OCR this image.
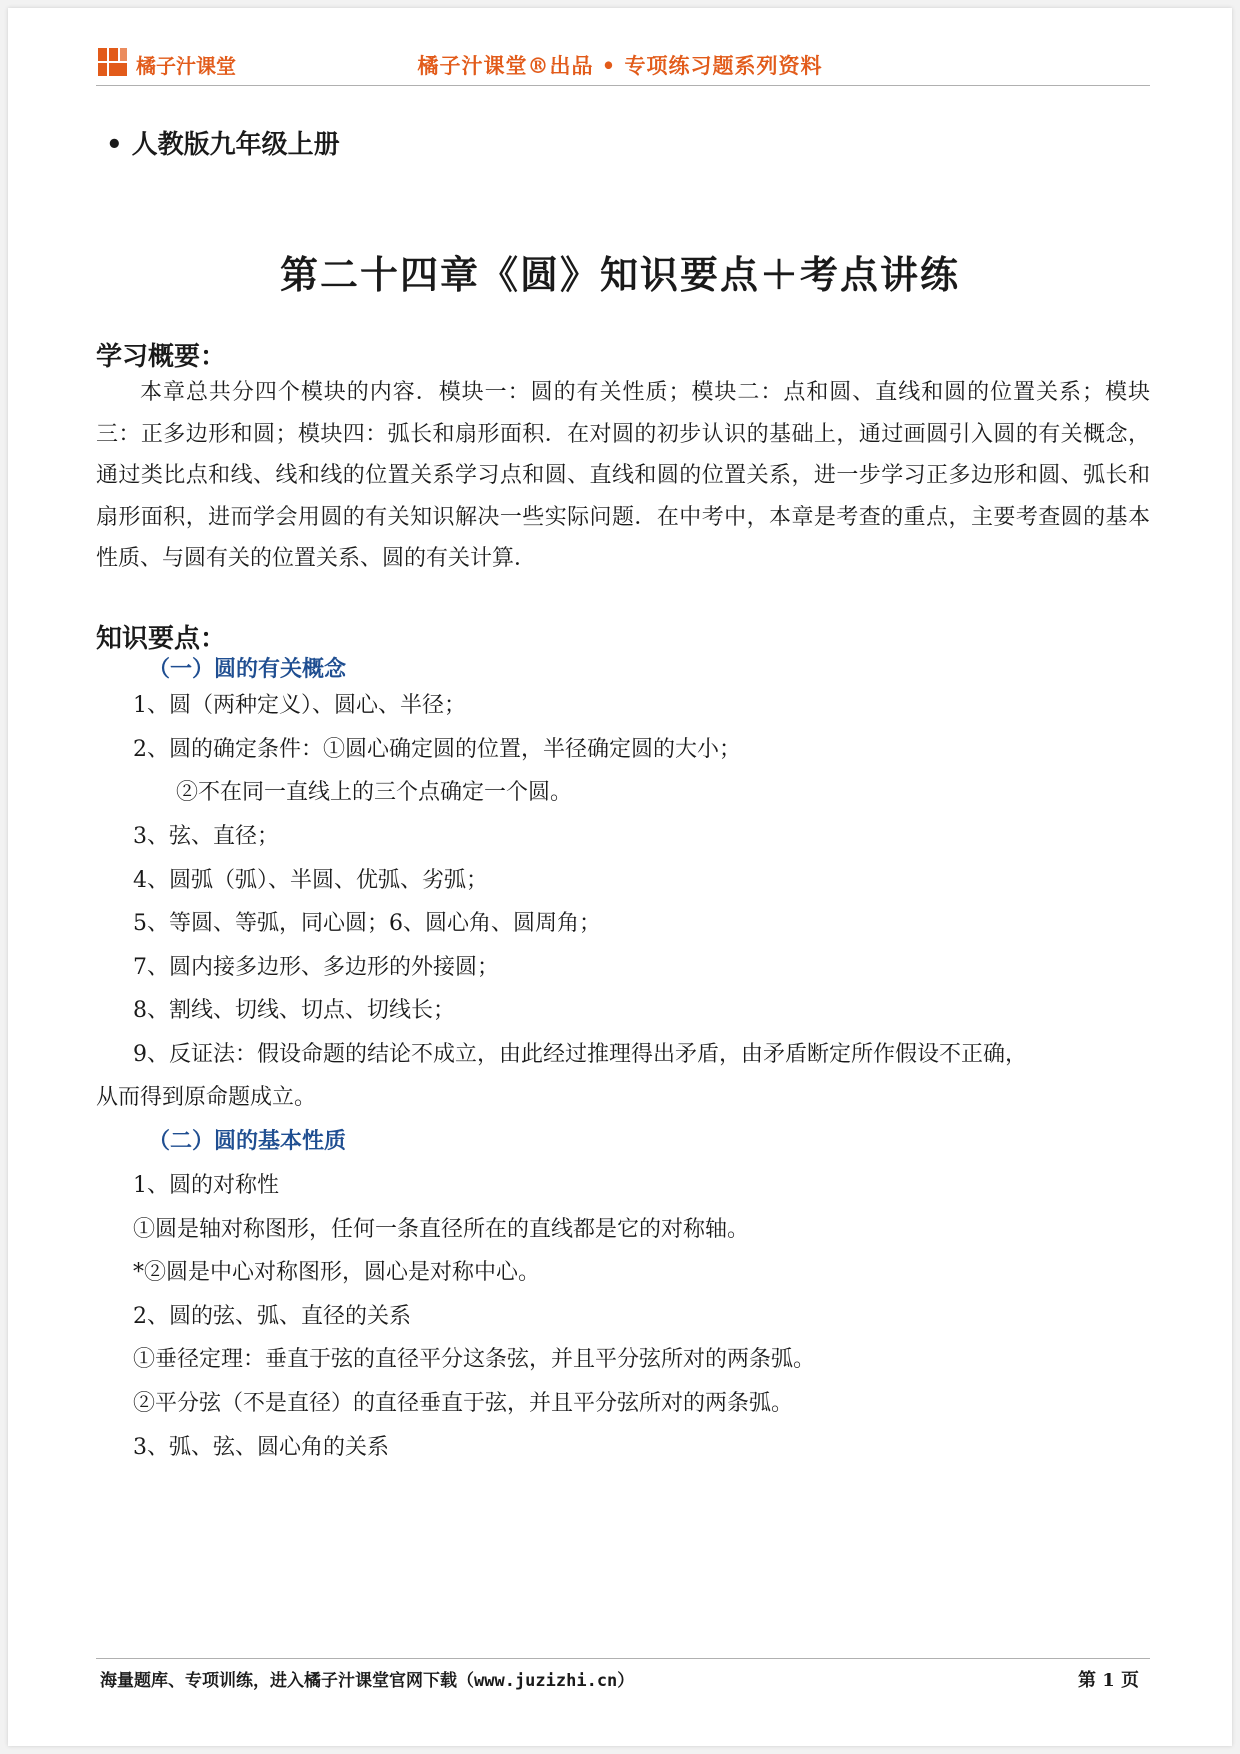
橘子汁课堂	橘子汁课堂®出品 • 专项练习题系列资料
• 人教版九年级上册
第二十四章《圆》知识要点＋考点讲练
学习概要：
本章总共分四个模块的内容．模块一：圆的有关性质；模块二：点和圆、直线和圆的位置关系；模块三：正多边形和圆；模块四：弧长和扇形面积．在对圆的初步认识的基础上，通过画圆引入圆的有关概念，通过类比点和线、线和线的位置关系学习点和圆、直线和圆的位置关系，进一步学习正多边形和圆、弧长和扇形面积，进而学会用圆的有关知识解决一些实际问题．在中考中，本章是考查的重点，主要考查圆的基本性质、与圆有关的位置关系、圆的有关计算．
知识要点：
（一）圆的有关概念
1、圆（两种定义）、圆心、半径；
2、圆的确定条件：①圆心确定圆的位置，半径确定圆的大小；
②不在同一直线上的三个点确定一个圆。
3、弦、直径；
4、圆弧（弧）、半圆、优弧、劣弧；
5、等圆、等弧，同心圆；6、圆心角、圆周角；
7、圆内接多边形、多边形的外接圆；
8、割线、切线、切点、切线长；
9、反证法：假设命题的结论不成立，由此经过推理得出矛盾，由矛盾断定所作假设不正确，
从而得到原命题成立。
（二）圆的基本性质
1、圆的对称性
①圆是轴对称图形，任何一条直径所在的直线都是它的对称轴。
*②圆是中心对称图形，圆心是对称中心。
2、圆的弦、弧、直径的关系
①垂径定理：垂直于弦的直径平分这条弦，并且平分弦所对的两条弧。
②平分弦（不是直径）的直径垂直于弦，并且平分弦所对的两条弧。
3、弧、弦、圆心角的关系
海量题库、专项训练，进入橘子汁课堂官网下载（www.juzizhi.cn）	第 1 页
